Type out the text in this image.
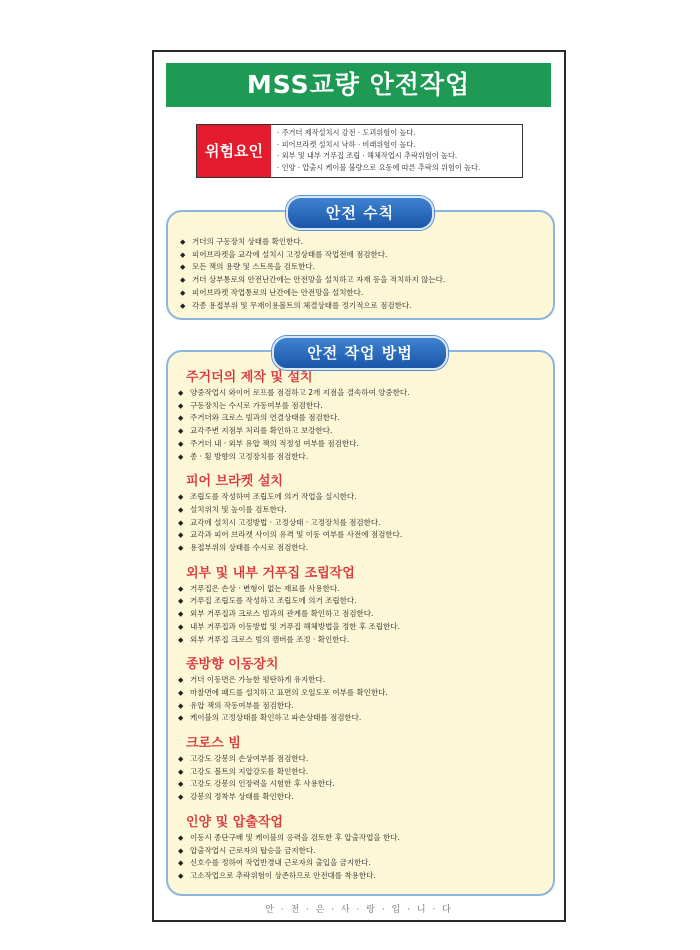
MSS교량 안전작업
위험요인
· 주거더 제작설치시 감전 · 도괴위험이 높다.
· 피어브라켓 설치시 낙하 · 비래위험이 높다.
· 외부 및 내부 거푸집 조립 · 해체작업시 추락위험이 높다.
· 인양 · 압출시 케이블 불량으로 요동에 따른 추락의 위험이 높다.
◆ 거더의 구동장치 상태를 확인한다.
◆ 피어브라켓을 교각에 설치시 고정상태를 작업전에 점검한다.
◆ 모든 잭의 용량 및 스트록을 검토한다.
◆ 거더 상부통로의 안전난간에는 안전망을 설치하고 자재 등을 적치하지 않는다.
◆ 피어브라켓 작업통로의 난간에는 안전망을 설치한다.
◆ 각종 용접부위 및 무재이용볼트의 체결상태를 정기적으로 점검한다.
안전 수칙
주거더의 제작 및 설치
◆ 양중작업시 와이어 로프를 점검하고 2개 지점을 결속하여 양중한다.
◆ 구동장치는 수시로 가동여부를 점검한다.
◆ 주거더와 크로스 빔과의 연결상태를 점검한다.
◆ 교각주변 지점부 처리를 확인하고 보강한다.
◆ 주거더 내 · 외부 유압 잭의 적정성 여부를 점검한다.
◆ 종 · 횡 방향의 고정장치를 점검한다.
피어 브라켓 설치
◆ 조립도를 작성하여 조립도에 의거 작업을 실시한다.
◆ 설치위치 및 높이를 검토한다.
◆ 교각에 설치시 고정방법 · 고정상태 · 고정장치를 점검한다.
◆ 교각과 피어 브라켓 사이의 유격 및 이동 여부를 사전에 점검한다.
◆ 용접부위의 상태를 수시로 점검한다.
외부 및 내부 거푸집 조립작업
◆ 거푸집은 손상 · 변형이 없는 재료를 사용한다.
◆ 거푸집 조립도를 작성하고 조립도에 의거 조립한다.
◆ 외부 거푸집과 크로스 빔과의 관계를 확인하고 점검한다.
◆ 내부 거푸집과 이동방법 및 거푸집 해체방법을 정한 후 조립한다.
◆ 외부 거푸집 크로스 빔의 캠버를 조정 · 확인한다.
종방향 이동장치
◆ 거더 이동면은 가능한 평탄하게 유지한다.
◆ 마찰면에 패드를 설치하고 표면의 오일도포 여부를 확인한다.
◆ 유압 잭의 작동여부를 점검한다.
◆ 케이블의 고정상태를 확인하고 파손상태를 점검한다.
크로스 빔
◆ 고강도 강봉의 손상여부를 점검한다.
◆ 고강도 볼트의 지압강도를 확인한다.
◆ 고강도 강봉의 인장력을 시험한 후 사용한다.
◆ 강봉의 정착부 상태를 확인한다.
인양 및 압출작업
◆ 이동시 종단구배 및 케이블의 응력을 검토한 후 압출작업을 한다.
◆ 압출작업시 근로자의 탑승을 금지한다.
◆ 신호수를 정하여 작업반경내 근로자의 출입을 금지한다.
◆ 고소작업으로 추락위험이 상존하므로 안전대를 착용한다.
안전 작업 방법
안 · 전 · 은 · 사 · 랑 · 입 · 니 · 다
